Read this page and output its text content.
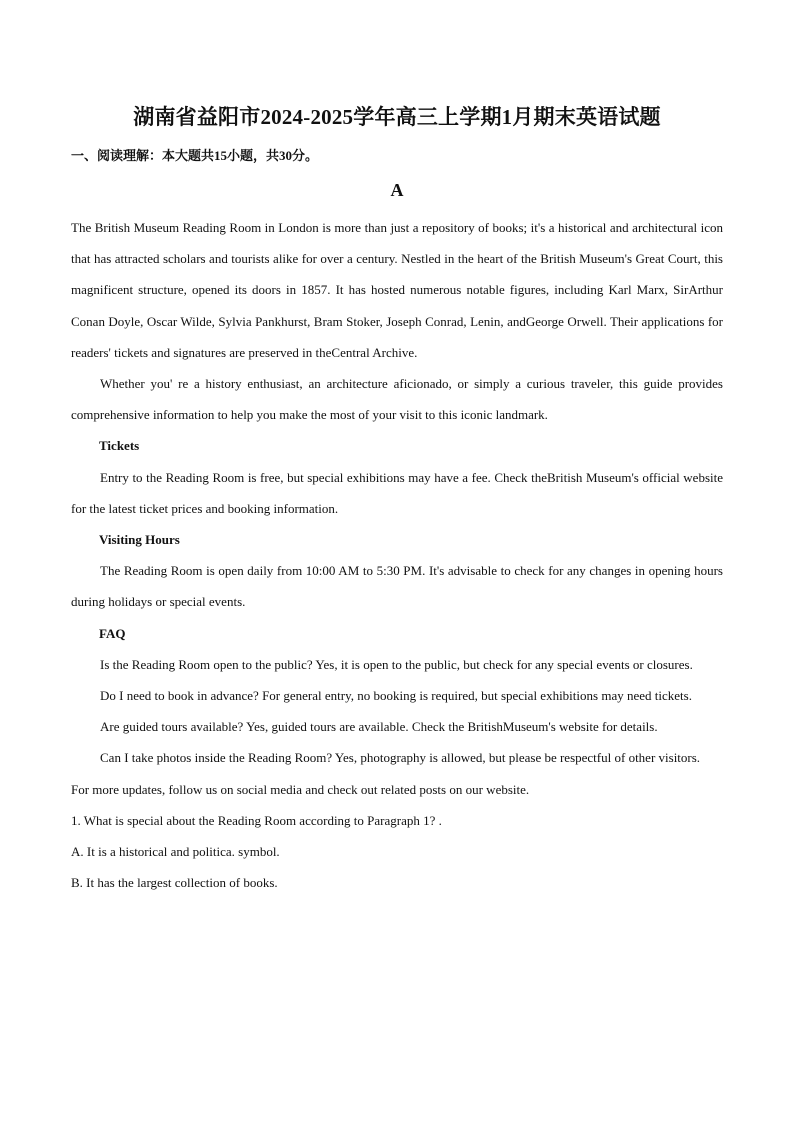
湖南省益阳市2024-2025学年高三上学期1月期末英语试题
一、阅读理解：本大题共15小题，共30分。
A

The British Museum Reading Room in London is more than just a repository of books; it's a historical and architectural icon that has attracted scholars and tourists alike for over a century. Nestled in the heart of the British Museum's Great Court, this magnificent structure, opened its doors in 1857. It has hosted numerous notable figures, including Karl Marx, SirArthur Conan Doyle, Oscar Wilde, Sylvia Pankhurst, Bram Stoker, Joseph Conrad, Lenin, andGeorge Orwell. Their applications for readers' tickets and signatures are preserved in theCentral Archive.

Whether you' re a history enthusiast, an architecture aficionado, or simply a curious traveler, this guide provides comprehensive information to help you make the most of your visit to this iconic landmark.

Tickets

Entry to the Reading Room is free, but special exhibitions may have a fee. Check theBritish Museum's official website for the latest ticket prices and booking information.

Visiting Hours

The Reading Room is open daily from 10:00 AM to 5:30 PM. It's advisable to check for any changes in opening hours during holidays or special events.

FAQ

Is the Reading Room open to the public? Yes, it is open to the public, but check for any special events or closures.

Do I need to book in advance? For general entry, no booking is required, but special exhibitions may need tickets.

Are guided tours available? Yes, guided tours are available. Check the BritishMuseum's website for details.

Can I take photos inside the Reading Room? Yes, photography is allowed, but please be respectful of other visitors.

For more updates, follow us on social media and check out related posts on our website.

1. What is special about the Reading Room according to Paragraph 1? .

A. It is a historical and politica. symbol.

B. It has the largest collection of books.
